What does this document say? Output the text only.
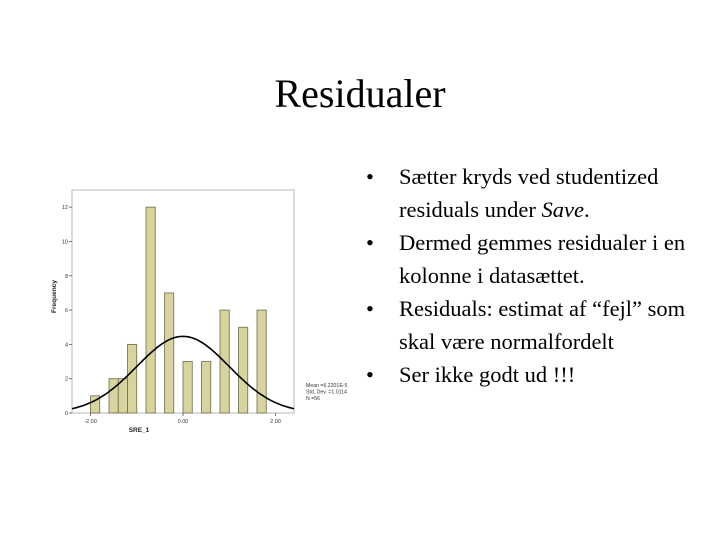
Residualer
0
2
4
6
8
10
12
-2.00	0.00	2.00
SRE_1
Frequency
Mean =6.2201E-5
Std. Dev. =1.0114
N =56
• Sætter kryds ved studentized residuals under Save.
• Dermed gemmes residualer i en kolonne i datasættet.
• Residuals: estimat af “fejl” som skal være normalfordelt
• Ser ikke godt ud !!!
